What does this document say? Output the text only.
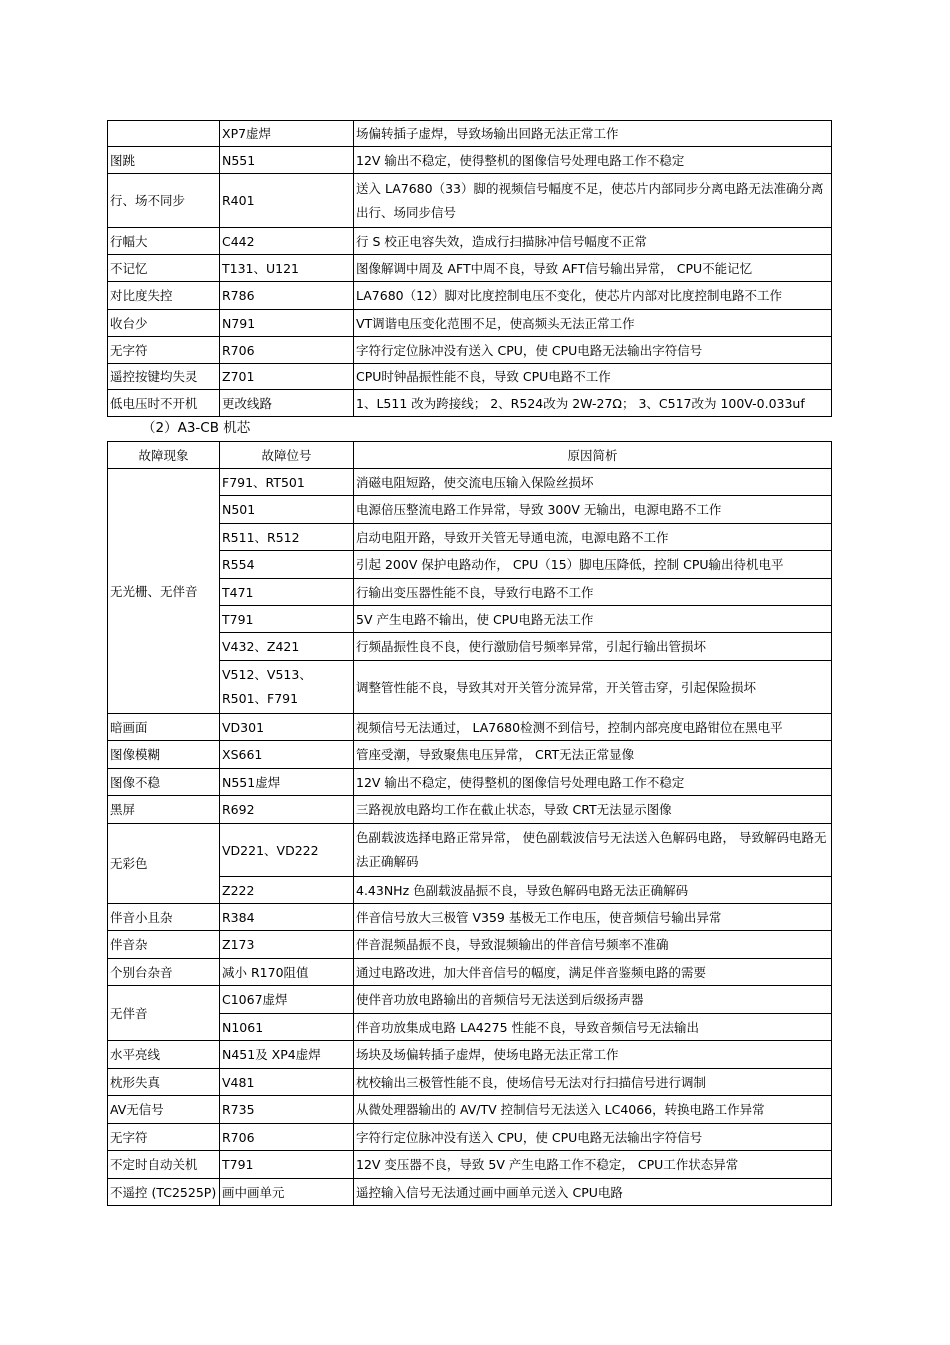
	XP7虚焊	场偏转插子虚焊，导致场输出回路无法正常工作
图跳	N551	12V 输出不稳定，使得整机的图像信号处理电路工作不稳定
行、场不同步	R401	送入 LA7680（33）脚的视频信号幅度不足，使芯片内部同步分离电路无法准确分离出行、场同步信号
行幅大	C442	行 S 校正电容失效，造成行扫描脉冲信号幅度不正常
不记忆	T131、U121	图像解调中周及 AFT中周不良，导致 AFT信号输出异常， CPU不能记忆
对比度失控	R786	LA7680（12）脚对比度控制电压不变化，使芯片内部对比度控制电路不工作
收台少	N791	VT调谐电压变化范围不足，使高频头无法正常工作
无字符	R706	字符行定位脉冲没有送入 CPU，使 CPU电路无法输出字符信号
遥控按键均失灵	Z701	CPU时钟晶振性能不良，导致 CPU电路不工作
低电压时不开机	更改线路	1、L511 改为跨接线； 2、R524改为 2W-27Ω； 3、C517改为 100V-0.033uf
（2）A3-CB 机芯
故障现象	故障位号	原因简析
无光栅、无伴音	F791、RT501	消磁电阻短路，使交流电压输入保险丝损坏
	N501	电源倍压整流电路工作异常，导致 300V 无输出，电源电路不工作
	R511、R512	启动电阻开路，导致开关管无导通电流，电源电路不工作
	R554	引起 200V 保护电路动作， CPU（15）脚电压降低，控制 CPU输出待机电平
	T471	行输出变压器性能不良，导致行电路不工作
	T791	5V 产生电路不输出，使 CPU电路无法工作
	V432、Z421	行频晶振性良不良，使行激励信号频率异常，引起行输出管损坏
	V512、V513、R501、F791	调整管性能不良，导致其对开关管分流异常，开关管击穿，引起保险损坏
暗画面	VD301	视频信号无法通过， LA7680检测不到信号，控制内部亮度电路钳位在黑电平
图像模糊	XS661	管座受潮，导致聚焦电压异常， CRT无法正常显像
图像不稳	N551虚焊	12V 输出不稳定，使得整机的图像信号处理电路工作不稳定
黑屏	R692	三路视放电路均工作在截止状态，导致 CRT无法显示图像
无彩色	VD221、VD222	色副载波选择电路正常异常， 使色副载波信号无法送入色解码电路， 导致解码电路无法正确解码
	Z222	4.43NHz 色副载波晶振不良，导致色解码电路无法正确解码
伴音小且杂	R384	伴音信号放大三极管 V359 基极无工作电压，使音频信号输出异常
伴音杂	Z173	伴音混频晶振不良，导致混频输出的伴音信号频率不准确
个别台杂音	减小 R170阻值	通过电路改进，加大伴音信号的幅度，满足伴音鉴频电路的需要
无伴音	C1067虚焊	使伴音功放电路输出的音频信号无法送到后级扬声器
	N1061	伴音功放集成电路 LA4275 性能不良，导致音频信号无法输出
水平亮线	N451及 XP4虚焊	场块及场偏转插子虚焊，使场电路无法正常工作
枕形失真	V481	枕校输出三极管性能不良，使场信号无法对行扫描信号进行调制
AV无信号	R735	从微处理器输出的 AV/TV 控制信号无法送入 LC4066，转换电路工作异常
无字符	R706	字符行定位脉冲没有送入 CPU，使 CPU电路无法输出字符信号
不定时自动关机	T791	12V 变压器不良，导致 5V 产生电路工作不稳定， CPU工作状态异常
不遥控 (TC2525P)	画中画单元	遥控输入信号无法通过画中画单元送入 CPU电路
